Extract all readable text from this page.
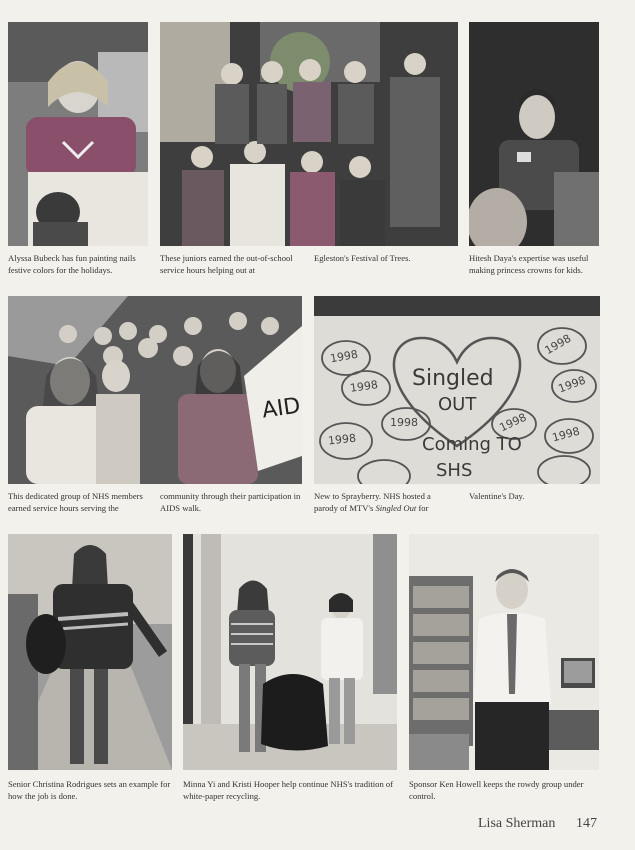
Alyssa Bubeck has fun painting nails festive colors for the holidays.
These juniors earned the out-of-school service hours helping out at
Egleston's Festival of Trees.	Hitesh Daya's expertise was useful making princess crowns for kids.
AID
Singled
OUT
Coming TO
SHS
1998
1998
1998
1998
1998
1998
1998
1998
This dedicated group of NHS members earned service hours serving the
community through their participation in AIDS walk.
New to Sprayberry. NHS hosted a parody of MTV's Singled Out for
Valentine's Day.
Senior Christina Rodrigues sets an example for how the job is done.
Minna Yi and Kristi Hooper help continue NHS's tradition of white-paper recycling.
Sponsor Ken Howell keeps the rowdy group under control.
Lisa Sherman 147
